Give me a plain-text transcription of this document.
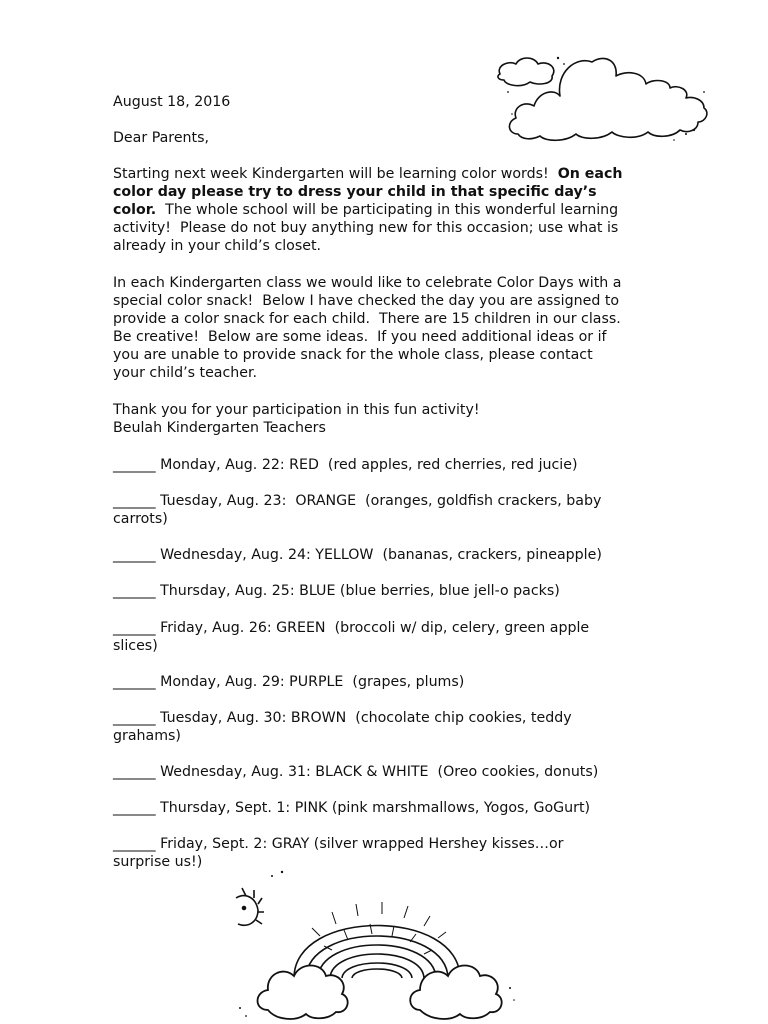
August 18, 2016
Dear Parents,
Starting next week Kindergarten will be learning color words!  On each
color day please try to dress your child in that specific day’s
color.  The whole school will be participating in this wonderful learning
activity!  Please do not buy anything new for this occasion; use what is
already in your child’s closet.
In each Kindergarten class we would like to celebrate Color Days with a
special color snack!  Below I have checked the day you are assigned to
provide a color snack for each child.  There are 15 children in our class.
Be creative!  Below are some ideas.  If you need additional ideas or if
you are unable to provide snack for the whole class, please contact
your child’s teacher.
Thank you for your participation in this fun activity!
Beulah Kindergarten Teachers
______ Monday, Aug. 22: RED  (red apples, red cherries, red jucie)
______ Tuesday, Aug. 23:  ORANGE  (oranges, goldfish crackers, baby
carrots)
______ Wednesday, Aug. 24: YELLOW  (bananas, crackers, pineapple)
______ Thursday, Aug. 25: BLUE (blue berries, blue jell-o packs)
______ Friday, Aug. 26: GREEN  (broccoli w/ dip, celery, green apple
slices)
______ Monday, Aug. 29: PURPLE  (grapes, plums)
______ Tuesday, Aug. 30: BROWN  (chocolate chip cookies, teddy
grahams)
______ Wednesday, Aug. 31: BLACK & WHITE  (Oreo cookies, donuts)
______ Thursday, Sept. 1: PINK (pink marshmallows, Yogos, GoGurt)
______ Friday, Sept. 2: GRAY (silver wrapped Hershey kisses…or
surprise us!)
